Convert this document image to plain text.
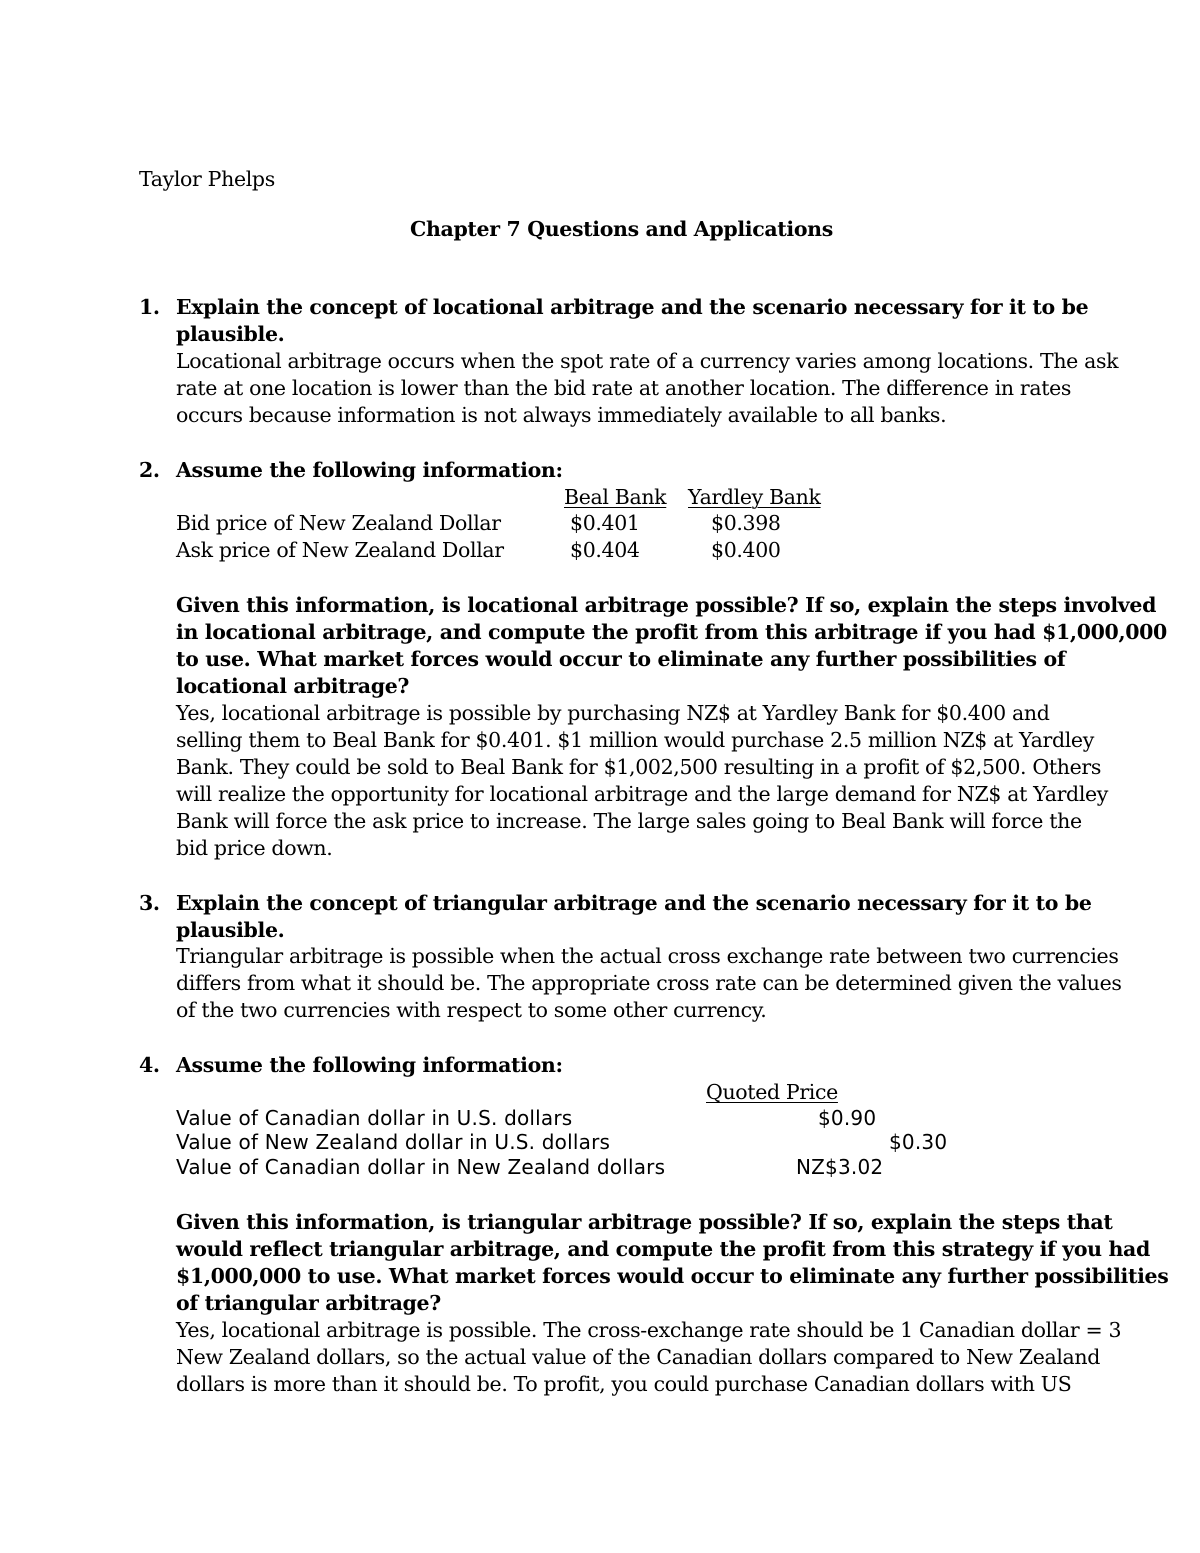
Taylor Phelps
Chapter 7 Questions and Applications
1. Explain the concept of locational arbitrage and the scenario necessary for it to be
plausible.
Locational arbitrage occurs when the spot rate of a currency varies among locations. The ask
rate at one location is lower than the bid rate at another location. The difference in rates
occurs because information is not always immediately available to all banks.
2. Assume the following information:
Beal Bank Yardley Bank
Bid price of New Zealand Dollar	$0.401	$0.398
Ask price of New Zealand Dollar	$0.404	$0.400
Given this information, is locational arbitrage possible? If so, explain the steps involved
in locational arbitrage, and compute the profit from this arbitrage if you had $1,000,000
to use. What market forces would occur to eliminate any further possibilities of
locational arbitrage?
Yes, locational arbitrage is possible by purchasing NZ$ at Yardley Bank for $0.400 and
selling them to Beal Bank for $0.401. $1 million would purchase 2.5 million NZ$ at Yardley
Bank. They could be sold to Beal Bank for $1,002,500 resulting in a profit of $2,500. Others
will realize the opportunity for locational arbitrage and the large demand for NZ$ at Yardley
Bank will force the ask price to increase. The large sales going to Beal Bank will force the
bid price down.
3. Explain the concept of triangular arbitrage and the scenario necessary for it to be
plausible.
Triangular arbitrage is possible when the actual cross exchange rate between two currencies
differs from what it should be. The appropriate cross rate can be determined given the values
of the two currencies with respect to some other currency.
4. Assume the following information:
Quoted Price
Value of Canadian dollar in U.S. dollars	$0.90
Value of New Zealand dollar in U.S. dollars	$0.30
Value of Canadian dollar in New Zealand dollars	NZ$3.02
Given this information, is triangular arbitrage possible? If so, explain the steps that
would reflect triangular arbitrage, and compute the profit from this strategy if you had
$1,000,000 to use. What market forces would occur to eliminate any further possibilities
of triangular arbitrage?
Yes, locational arbitrage is possible. The cross-exchange rate should be 1 Canadian dollar = 3
New Zealand dollars, so the actual value of the Canadian dollars compared to New Zealand
dollars is more than it should be. To profit, you could purchase Canadian dollars with US
